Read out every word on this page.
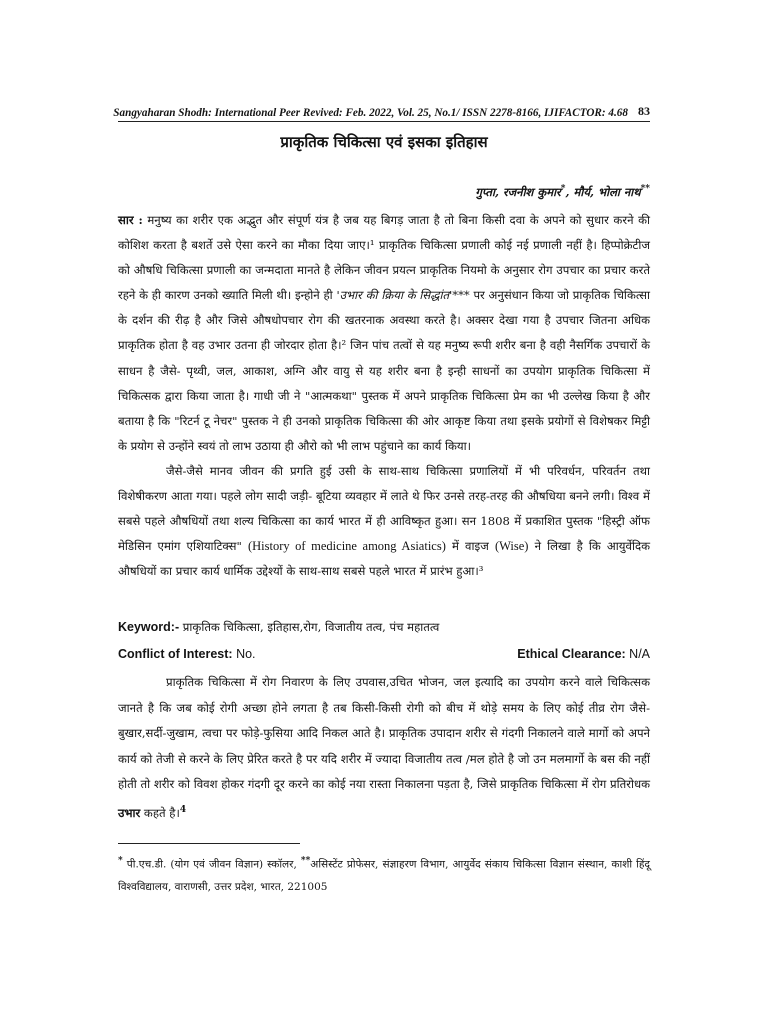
Sangyaharan Shodh: International Peer Revived: Feb. 2022, Vol. 25, No.1/ ISSN 2278-8166, IJIFACTOR: 4.68 83
प्राकृतिक चिकित्सा एवं इसका इतिहास
गुप्ता, रजनीश कुमार*, मौर्य, भोला नाथ**

सार : मनुष्य का शरीर एक अद्भुत और संपूर्ण यंत्र है जब यह बिगड़ जाता है तो बिना किसी दवा के अपने को सुधार करने की कोशिश करता है बशर्ते उसे ऐसा करने का मौका दिया जाए।¹ प्राकृतिक चिकित्सा प्रणाली कोई नई प्रणाली नहीं है। हिप्पोक्रेटीज को औषधि चिकित्सा प्रणाली का जन्मदाता मानते है लेकिन जीवन प्रयत्न प्राकृतिक नियमो के अनुसार रोग उपचार का प्रचार करते रहने के ही कारण उनको ख्याति मिली थी। इन्होने ही 'उभार की क्रिया के सिद्धांत'*** पर अनुसंधान किया जो प्राकृतिक चिकित्सा के दर्शन की रीढ़ है और जिसे औषधोपचार रोग की खतरनाक अवस्था करते है। अक्सर देखा गया है उपचार जितना अधिक प्राकृतिक होता है वह उभार उतना ही जोरदार होता है।² जिन पांच तत्वों से यह मनुष्य रूपी शरीर बना है वही नैसर्गिक उपचारों के साधन है जैसे- पृथ्वी, जल, आकाश, अग्नि और वायु से यह शरीर बना है इन्ही साधनों का उपयोग प्राकृतिक चिकित्सा में चिकित्सक द्वारा किया जाता है। गाधी जी ने "आत्मकथा" पुस्तक में अपने प्राकृतिक चिकित्सा प्रेम का भी उल्लेख किया है और बताया है कि "रिटर्न टू नेचर" पुस्तक ने ही उनको प्राकृतिक चिकित्सा की ओर आकृष्ट किया तथा इसके प्रयोगों से विशेषकर मिट्टी के प्रयोग से उन्होंने स्वयं तो लाभ उठाया ही औरो को भी लाभ पहुंचाने का कार्य किया।

जैसे-जैसे मानव जीवन की प्रगति हुई उसी के साथ-साथ चिकित्सा प्रणालियों में भी परिवर्धन, परिवर्तन तथा विशेषीकरण आता गया। पहले लोग सादी जड़ी- बूटिया व्यवहार में लाते थे फिर उनसे तरह-तरह की औषधिया बनने लगी। विश्व में सबसे पहले औषधियों तथा शल्य चिकित्सा का कार्य भारत में ही आविष्कृत हुआ। सन 1808 में प्रकाशित पुस्तक "हिस्ट्री ऑफ मेडिसिन एमांग एशियाटिक्स" (History of medicine among Asiatics) में वाइज (Wise) ने लिखा है कि आयुर्वेदिक औषधियों का प्रचार कार्य धार्मिक उद्देश्यों के साथ-साथ सबसे पहले भारत में प्रारंभ हुआ।³

Keyword:- प्राकृतिक चिकित्सा, इतिहास,रोग, विजातीय तत्व, पंच महातत्व
Conflict of Interest: No.	Ethical Clearance: N/A

प्राकृतिक चिकित्सा में रोग निवारण के लिए उपवास,उचित भोजन, जल इत्यादि का उपयोग करने वाले चिकित्सक जानते है कि जब कोई रोगी अच्छा होने लगता है तब किसी-किसी रोगी को बीच में थोड़े समय के लिए कोई तीव्र रोग जैसे- बुखार,सर्दी-जुखाम, त्वचा पर फोड़े-फुसिया आदि निकल आते है। प्राकृतिक उपादान शरीर से गंदगी निकालने वाले मार्गो को अपने कार्य को तेजी से करने के लिए प्रेरित करते है पर यदि शरीर में ज्यादा विजातीय तत्व /मल होते है जो उन मलमार्गो के बस की नहीं होती तो शरीर को विवश होकर गंदगी दूर करने का कोई नया रास्ता निकालना पड़ता है, जिसे प्राकृतिक चिकित्सा में रोग प्रतिरोधक उभार कहते है।$^4$

* पी.एच.डी. (योग एवं जीवन विज्ञान) स्कॉलर, **असिस्टेंट प्रोफेसर, संज्ञाहरण विभाग, आयुर्वेद संकाय चिकित्सा विज्ञान संस्थान, काशी हिंदू विश्वविद्यालय, वाराणसी, उत्तर प्रदेश, भारत, 221005
